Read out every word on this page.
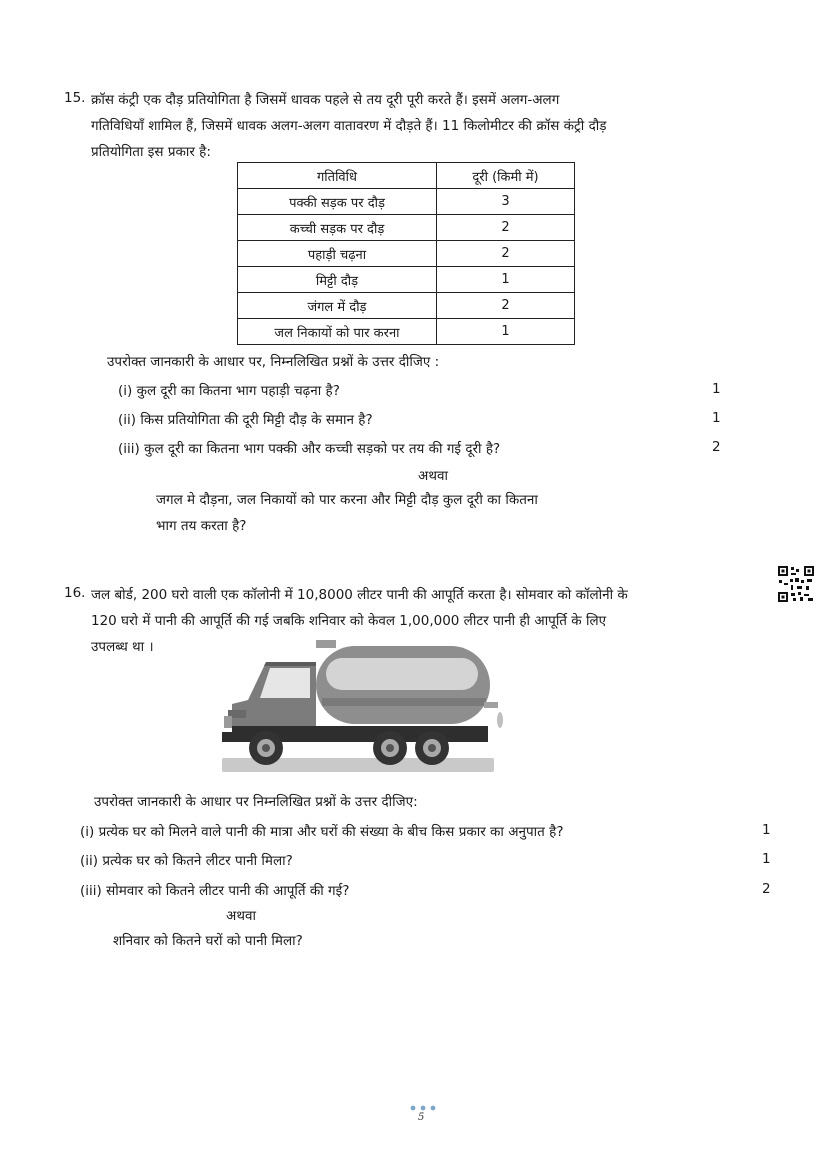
15. क्रॉस कंट्री एक दौड़ प्रतियोगिता है जिसमें धावक पहले से तय दूरी पूरी करते हैं। इसमें अलग-अलग
गतिविधियाँ शामिल हैं, जिसमें धावक अलग-अलग वातावरण में दौड़ते हैं। 11 किलोमीटर की क्रॉस कंट्री दौड़
प्रतियोगिता इस प्रकार है:
गतिविधि	दूरी (किमी में)
पक्की सड़क पर दौड़	3
कच्ची सड़क पर दौड़	2
पहाड़ी चढ़ना	2
मिट्टी दौड़	1
जंगल में दौड़	2
जल निकायों को पार करना	1
उपरोक्त जानकारी के आधार पर, निम्नलिखित प्रश्नों के उत्तर दीजिए :
(i) कुल दूरी का कितना भाग पहाड़ी चढ़ना है?	1
(ii) किस प्रतियोगिता की दूरी मिट्टी दौड़ के समान है?	1
(iii) कुल दूरी का कितना भाग पक्की और कच्ची सड़को पर तय की गई दूरी है?	2
अथवा
जगल मे दौड़ना, जल निकायों को पार करना और मिट्टी दौड़ कुल दूरी का कितना
भाग तय करता है?
16. जल बोर्ड, 200 घरो वाली एक कॉलोनी में 10,8000 लीटर पानी की आपूर्ति करता है। सोमवार को कॉलोनी के
120 घरो में पानी की आपूर्ति की गई जबकि शनिवार को केवल 1,00,000 लीटर पानी ही आपूर्ति के लिए
उपलब्ध था ।
उपरोक्त जानकारी के आधार पर निम्नलिखित प्रश्नों के उत्तर दीजिए:
(i) प्रत्येक घर को मिलने वाले पानी की मात्रा और घरों की संख्या के बीच किस प्रकार का अनुपात है?	1
(ii) प्रत्येक घर को कितने लीटर पानी मिला?	1
(iii) सोमवार को कितने लीटर पानी की आपूर्ति की गई?	2
अथवा
शनिवार को कितने घरों को पानी मिला?
5
